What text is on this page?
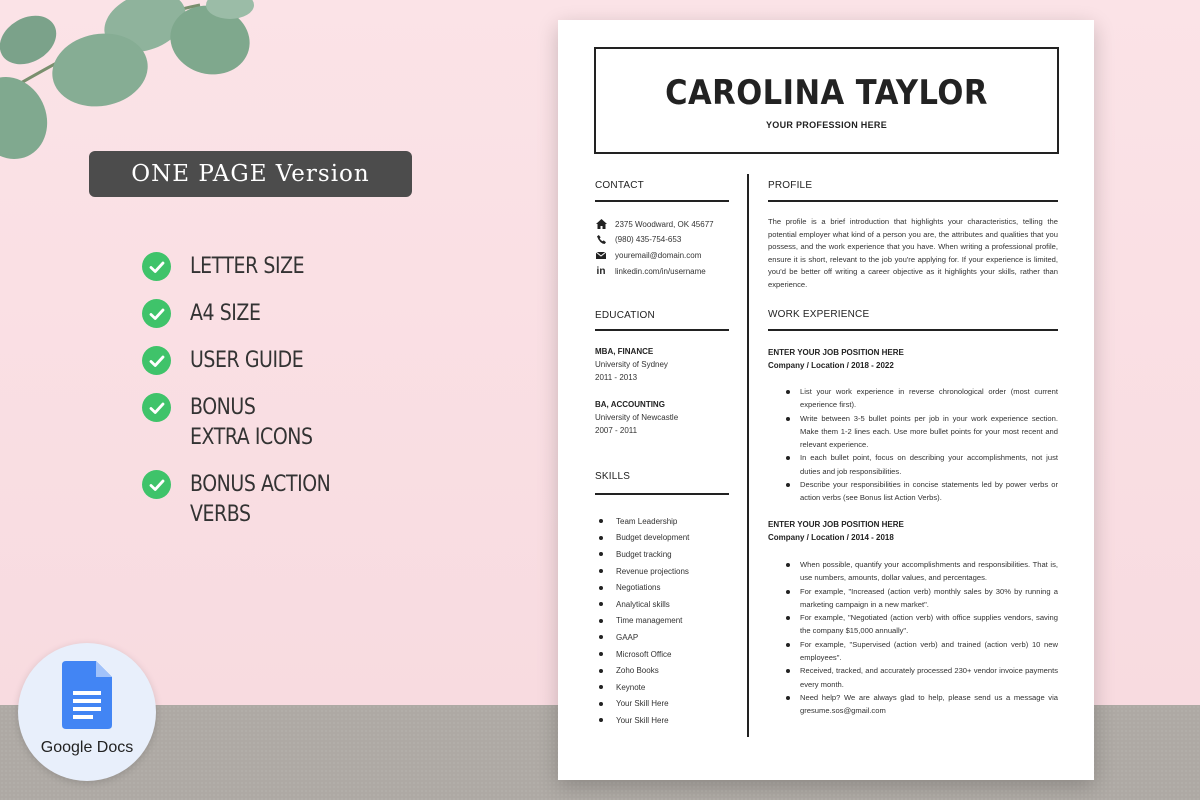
ONE PAGE Version
LETTER SIZE
A4 SIZE
USER GUIDE
BONUS EXTRA ICONS
BONUS ACTION VERBS
Google Docs
CAROLINA TAYLOR
YOUR PROFESSION HERE
CONTACT
2375 Woodward, OK 45677
(980) 435-754-653
youremail@domain.com
in linkedin.com/in/username
EDUCATION
MBA, FINANCE
University of Sydney
2011 - 2013
BA, ACCOUNTING
University of Newcastle
2007 - 2011
SKILLS
Team Leadership
Budget development
Budget tracking
Revenue projections
Negotiations
Analytical skills
Time management
GAAP
Microsoft Office
Zoho Books
Keynote
Your Skill Here
Your Skill Here
PROFILE
The profile is a brief introduction that highlights your characteristics, telling the potential employer what kind of a person you are, the attributes and qualities that you possess, and the work experience that you have. When writing a professional profile, ensure it is short, relevant to the job you're applying for. If your experience is limited, you'd be better off writing a career objective as it highlights your skills, rather than experience.
WORK EXPERIENCE
ENTER YOUR JOB POSITION HERE
Company / Location / 2018 - 2022
List your work experience in reverse chronological order (most current experience first).
Write between 3-5 bullet points per job in your work experience section. Make them 1-2 lines each. Use more bullet points for your most recent and relevant experience.
In each bullet point, focus on describing your accomplishments, not just duties and job responsibilities.
Describe your responsibilities in concise statements led by power verbs or action verbs (see Bonus list Action Verbs).
ENTER YOUR JOB POSITION HERE
Company / Location / 2014 - 2018
When possible, quantify your accomplishments and responsibilities. That is, use numbers, amounts, dollar values, and percentages.
For example, "Increased (action verb) monthly sales by 30% by running a marketing campaign in a new market".
For example, "Negotiated (action verb) with office supplies vendors, saving the company $15,000 annually".
For example, "Supervised (action verb) and trained (action verb) 10 new employees".
Received, tracked, and accurately processed 230+ vendor invoice payments every month.
Need help? We are always glad to help, please send us a message via gresume.sos@gmail.com
